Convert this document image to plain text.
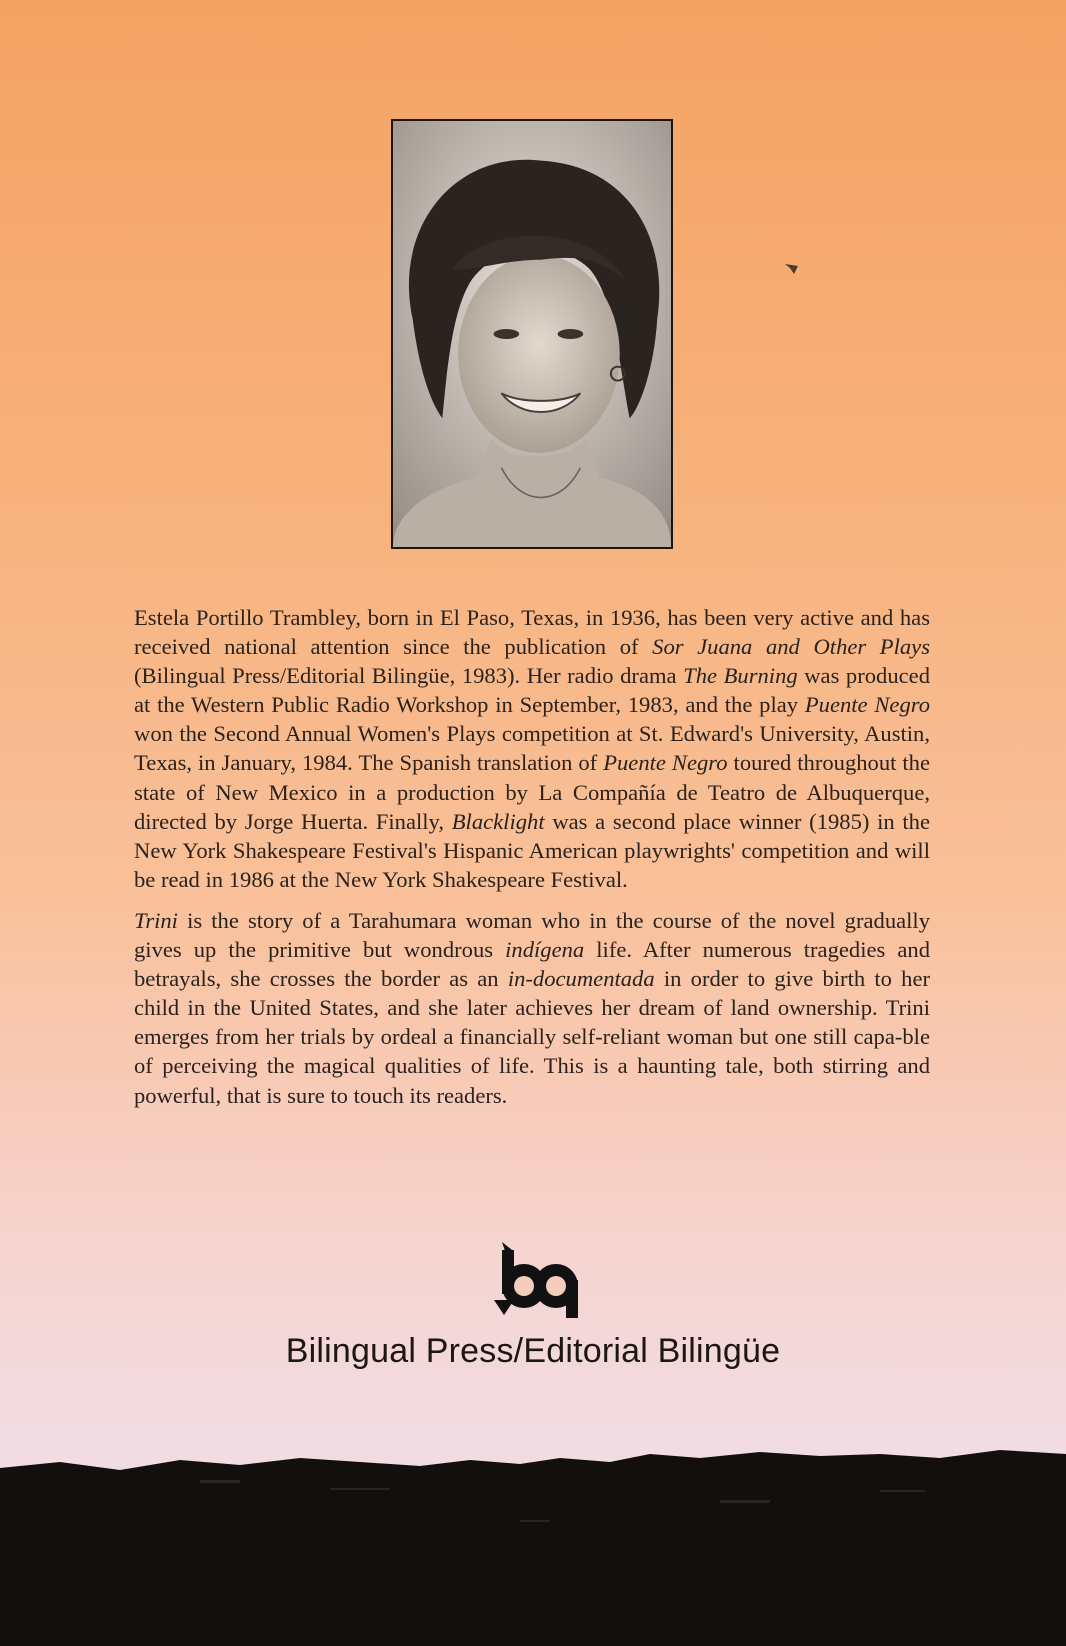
Estela Portillo Trambley, born in El Paso, Texas, in 1936, has been very active and has received national attention since the publication of Sor Juana and Other Plays (Bilingual Press/Editorial Bilingüe, 1983). Her radio drama The Burning was produced at the Western Public Radio Workshop in September, 1983, and the play Puente Negro won the Second Annual Women's Plays competition at St. Edward's University, Austin, Texas, in January, 1984. The Spanish translation of Puente Negro toured throughout the state of New Mexico in a production by La Compañía de Teatro de Albuquerque, directed by Jorge Huerta. Finally, Blacklight was a second place winner (1985) in the New York Shakespeare Festival's Hispanic American playwrights' competition and will be read in 1986 at the New York Shakespeare Festival.

Trini is the story of a Tarahumara woman who in the course of the novel gradually gives up the primitive but wondrous indígena life. After numerous tragedies and betrayals, she crosses the border as an in-documentada in order to give birth to her child in the United States, and she later achieves her dream of land ownership. Trini emerges from her trials by ordeal a financially self-reliant woman but one still capa-ble of perceiving the magical qualities of life. This is a haunting tale, both stirring and powerful, that is sure to touch its readers.

Bilingual Press/Editorial Bilingüe
